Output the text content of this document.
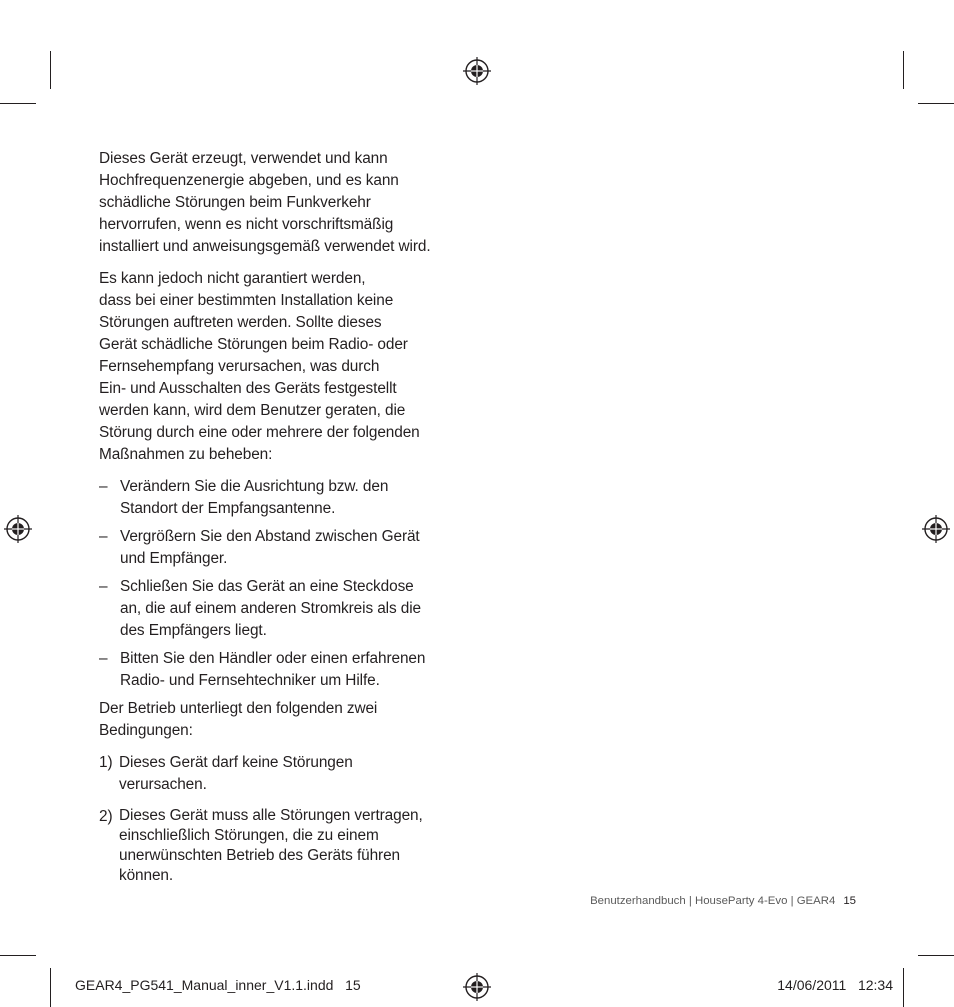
Dieses Gerät erzeugt, verwendet und kann
Hochfrequenzenergie abgeben, und es kann
schädliche Störungen beim Funkverkehr
hervorrufen, wenn es nicht vorschriftsmäßig
installiert und anweisungsgemäß verwendet wird.

Es kann jedoch nicht garantiert werden,
dass bei einer bestimmten Installation keine
Störungen auftreten werden. Sollte dieses
Gerät schädliche Störungen beim Radio- oder
Fernsehempfang verursachen, was durch
Ein- und Ausschalten des Geräts festgestellt
werden kann, wird dem Benutzer geraten, die
Störung durch eine oder mehrere der folgenden
Maßnahmen zu beheben:

– Verändern Sie die Ausrichtung bzw. den
Standort der Empfangsantenne.
– Vergrößern Sie den Abstand zwischen Gerät
und Empfänger.
– Schließen Sie das Gerät an eine Steckdose
an, die auf einem anderen Stromkreis als die
des Empfängers liegt.
– Bitten Sie den Händler oder einen erfahrenen
Radio- und Fernsehtechniker um Hilfe.

Der Betrieb unterliegt den folgenden zwei
Bedingungen:

1) Dieses Gerät darf keine Störungen
verursachen.
2) Dieses Gerät muss alle Störungen vertragen,
einschließlich Störungen, die zu einem
unerwünschten Betrieb des Geräts führen
können.
Benutzerhandbuch | HouseParty 4-Evo | GEAR4 15
GEAR4_PG541_Manual_inner_V1.1.indd   15	14/06/2011   12:34
